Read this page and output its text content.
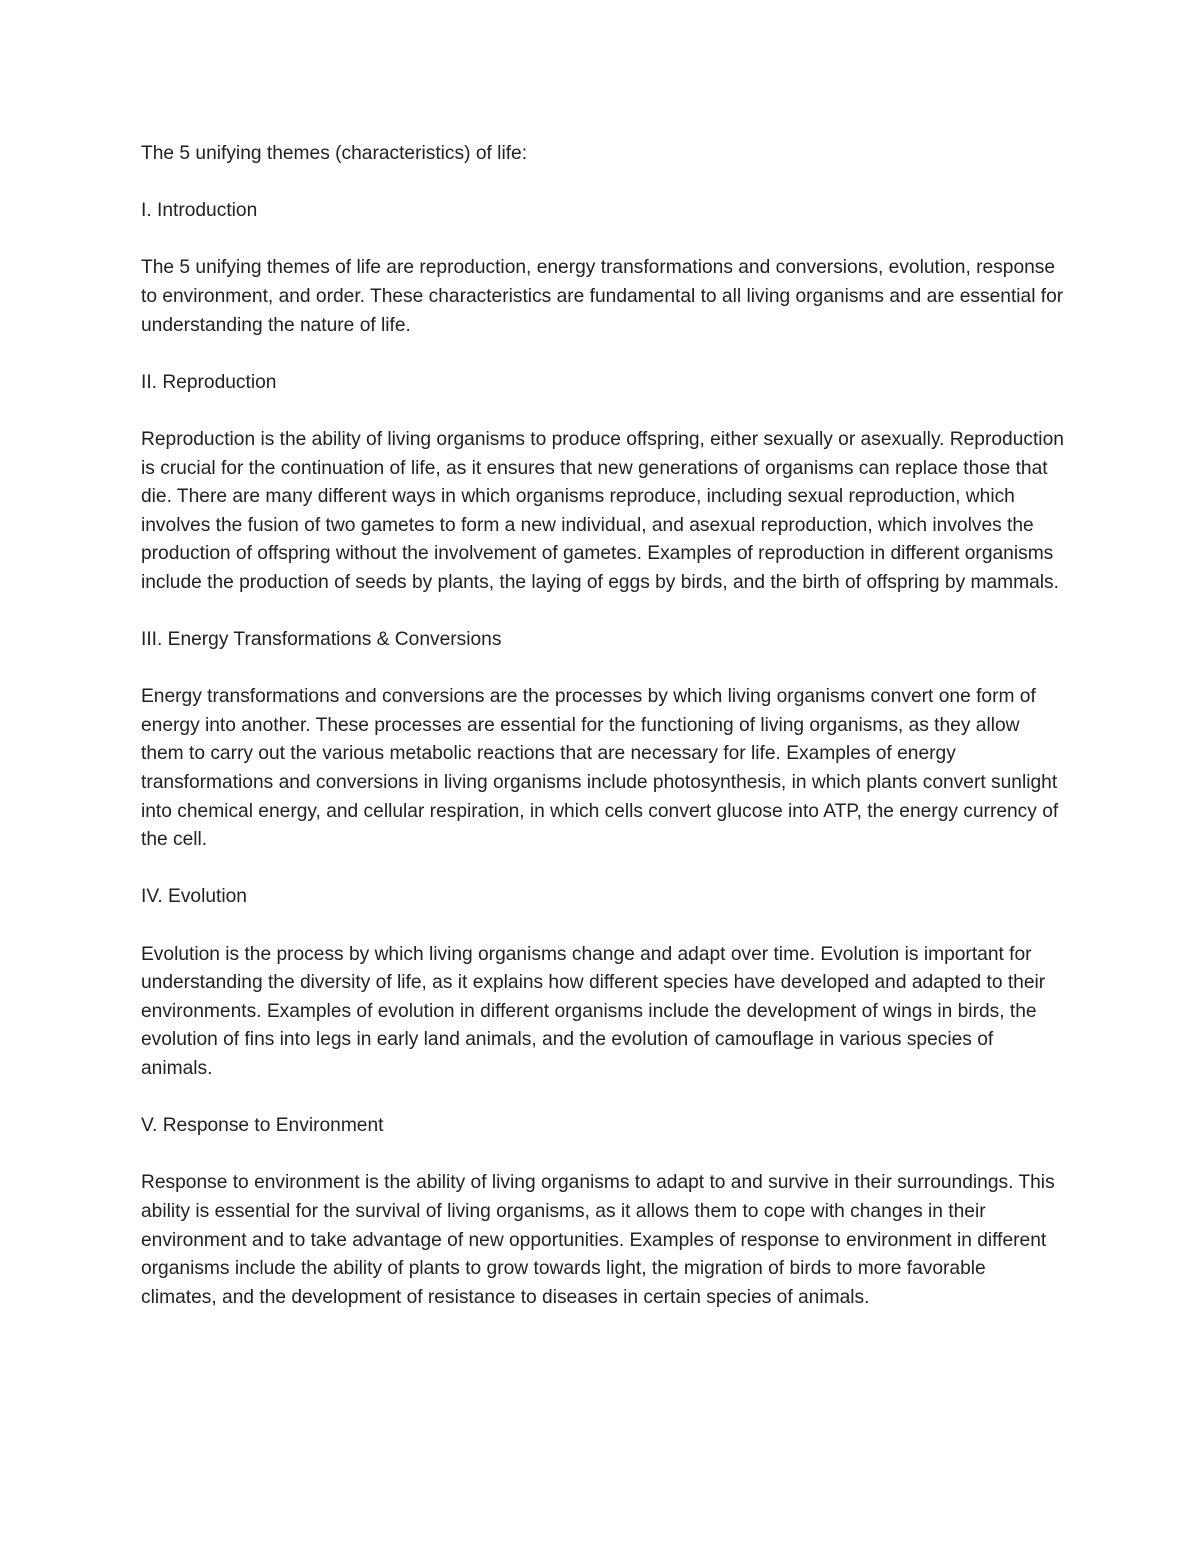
The 5 unifying themes (characteristics) of life:

I. Introduction

The 5 unifying themes of life are reproduction, energy transformations and conversions, evolution, response to environment, and order. These characteristics are fundamental to all living organisms and are essential for understanding the nature of life.

II. Reproduction

Reproduction is the ability of living organisms to produce offspring, either sexually or asexually. Reproduction is crucial for the continuation of life, as it ensures that new generations of organisms can replace those that die. There are many different ways in which organisms reproduce, including sexual reproduction, which involves the fusion of two gametes to form a new individual, and asexual reproduction, which involves the production of offspring without the involvement of gametes. Examples of reproduction in different organisms include the production of seeds by plants, the laying of eggs by birds, and the birth of offspring by mammals.

III. Energy Transformations & Conversions

Energy transformations and conversions are the processes by which living organisms convert one form of energy into another. These processes are essential for the functioning of living organisms, as they allow them to carry out the various metabolic reactions that are necessary for life. Examples of energy transformations and conversions in living organisms include photosynthesis, in which plants convert sunlight into chemical energy, and cellular respiration, in which cells convert glucose into ATP, the energy currency of the cell.

IV. Evolution

Evolution is the process by which living organisms change and adapt over time. Evolution is important for understanding the diversity of life, as it explains how different species have developed and adapted to their environments. Examples of evolution in different organisms include the development of wings in birds, the evolution of fins into legs in early land animals, and the evolution of camouflage in various species of animals.

V. Response to Environment

Response to environment is the ability of living organisms to adapt to and survive in their surroundings. This ability is essential for the survival of living organisms, as it allows them to cope with changes in their environment and to take advantage of new opportunities. Examples of response to environment in different organisms include the ability of plants to grow towards light, the migration of birds to more favorable climates, and the development of resistance to diseases in certain species of animals.
